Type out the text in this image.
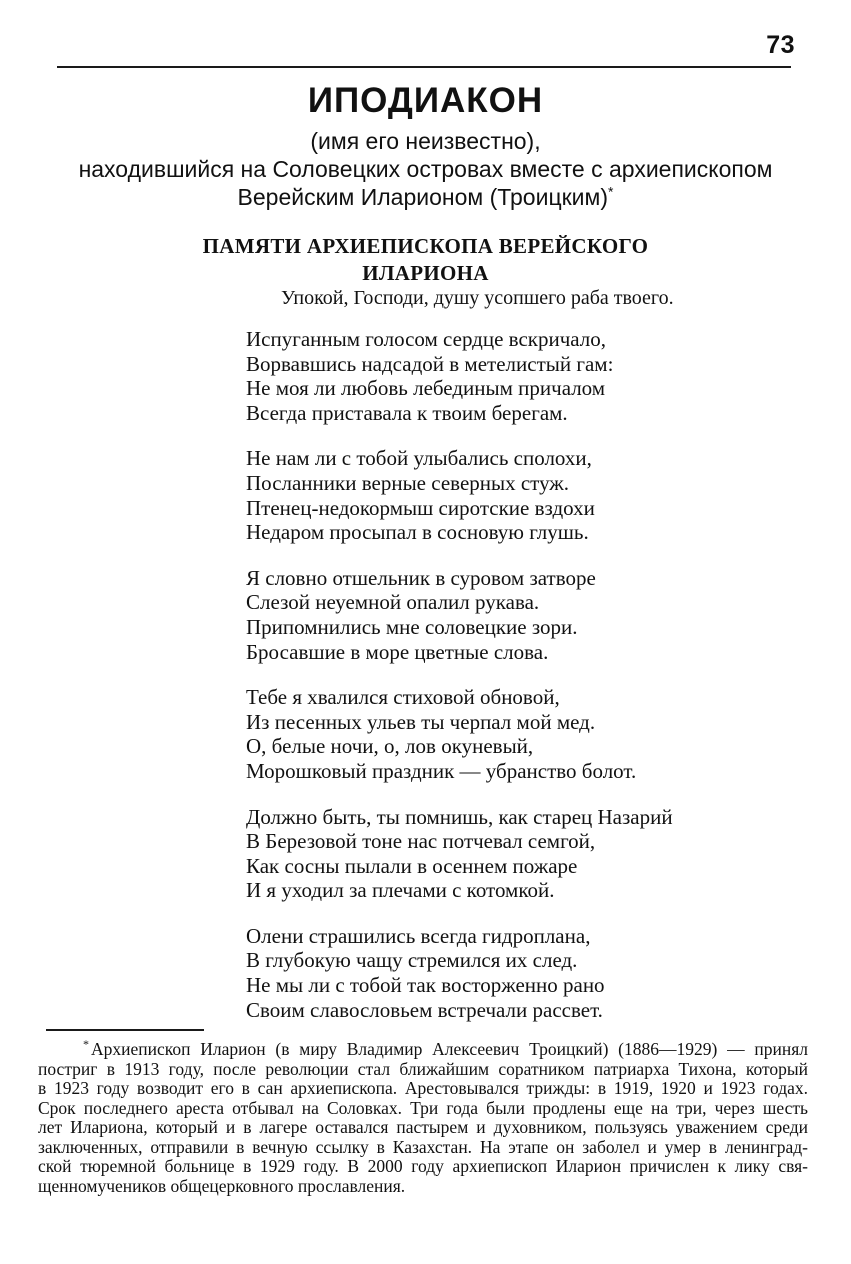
73
ИПОДИАКОН
(имя его неизвестно),
находившийся на Соловецких островах вместе с архиепископом
Верейским Иларионом (Троицким)*
ПАМЯТИ АРХИЕПИСКОПА ВЕРЕЙСКОГО
ИЛАРИОНА
Упокой, Господи, душу усопшего раба твоего.
Испуганным голосом сердце вскричало,
Ворвавшись надсадой в метелистый гам:
Не моя ли любовь лебединым причалом
Всегда приставала к твоим берегам.
Не нам ли с тобой улыбались сполохи,
Посланники верные северных стуж.
Птенец-недокормыш сиротские вздохи
Недаром просыпал в сосновую глушь.
Я словно отшельник в суровом затворе
Слезой неуемной опалил рукава.
Припомнились мне соловецкие зори.
Бросавшие в море цветные слова.
Тебе я хвалился стиховой обновой,
Из песенных ульев ты черпал мой мед.
О, белые ночи, о, лов окуневый,
Морошковый праздник — убранство болот.
Должно быть, ты помнишь, как старец Назарий
В Березовой тоне нас потчевал семгой,
Как сосны пылали в осеннем пожаре
И я уходил за плечами с котомкой.
Олени страшились всегда гидроплана,
В глубокую чащу стремился их след.
Не мы ли с тобой так восторженно рано
Своим славословьем встречали рассвет.
* Архиепископ Иларион (в миру Владимир Алексеевич Троицкий) (1886—1929) — принял
постриг в 1913 году, после революции стал ближайшим соратником патриарха Тихона, который
в 1923 году возводит его в сан архиепископа. Арестовывался трижды: в 1919, 1920 и 1923 годах.
Срок последнего ареста отбывал на Соловках. Три года были продлены еще на три, через шесть
лет Илариона, который и в лагере оставался пастырем и духовником, пользуясь уважением среди
заключенных, отправили в вечную ссылку в Казахстан. На этапе он заболел и умер в ленинград-
ской тюремной больнице в 1929 году. В 2000 году архиепископ Иларион причислен к лику свя-
щенномучеников общецерковного прославления.
